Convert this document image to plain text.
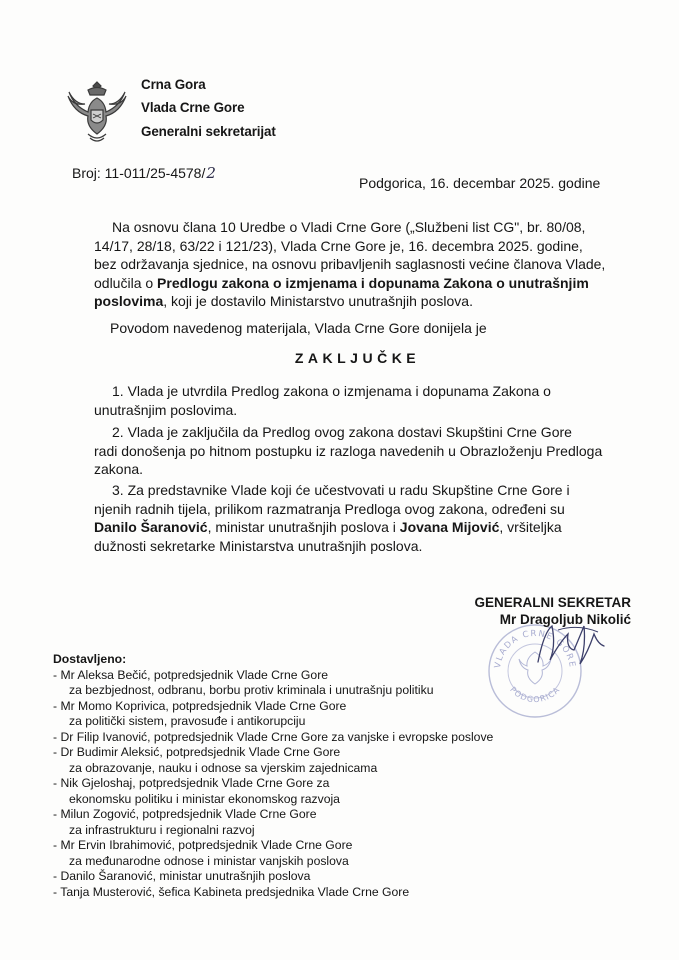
Crna Gora
Vlada Crne Gore
Generalni sekretarijat
Broj: 11-011/25-4578/2
Podgorica, 16. decembar 2025. godine
Na osnovu člana 10 Uredbe o Vladi Crne Gore („Službeni list CG", br. 80/08,
14/17, 28/18, 63/22 i 121/23), Vlada Crne Gore je, 16. decembra 2025. godine,
bez održavanja sjednice, na osnovu pribavljenih saglasnosti većine članova Vlade,
odlučila o Predlogu zakona o izmjenama i dopunama Zakona o unutrašnjim
poslovima, koji je dostavilo Ministarstvo unutrašnjih poslova.
Povodom navedenog materijala, Vlada Crne Gore donijela je
ZAKLJUČKE
1. Vlada je utvrdila Predlog zakona o izmjenama i dopunama Zakona o
unutrašnjim poslovima.
2. Vlada je zaključila da Predlog ovog zakona dostavi Skupštini Crne Gore
radi donošenja po hitnom postupku iz razloga navedenih u Obrazloženju Predloga
zakona.
3. Za predstavnike Vlade koji će učestvovati u radu Skupštine Crne Gore i
njenih radnih tijela, prilikom razmatranja Predloga ovog zakona, određeni su
Danilo Šaranović, ministar unutrašnjih poslova i Jovana Mijović, vršiteljka
dužnosti sekretarke Ministarstva unutrašnjih poslova.
VLADA CRNE GORE
PODGORICA
GENERALNI SEKRETAR
Mr Dragoljub Nikolić
Dostavljeno:
- Mr Aleksa Bečić, potpredsjednik Vlade Crne Gore
za bezbjednost, odbranu, borbu protiv kriminala i unutrašnju politiku
- Mr Momo Koprivica, potpredsjednik Vlade Crne Gore
za politički sistem, pravosuđe i antikorupciju
- Dr Filip Ivanović, potpredsjednik Vlade Crne Gore za vanjske i evropske poslove
- Dr Budimir Aleksić, potpredsjednik Vlade Crne Gore
za obrazovanje, nauku i odnose sa vjerskim zajednicama
- Nik Gjeloshaj, potpredsjednik Vlade Crne Gore za
ekonomsku politiku i ministar ekonomskog razvoja
- Milun Zogović, potpredsjednik Vlade Crne Gore
za infrastrukturu i regionalni razvoj
- Mr Ervin Ibrahimović, potpredsjednik Vlade Crne Gore
za međunarodne odnose i ministar vanjskih poslova
- Danilo Šaranović, ministar unutrašnjih poslova
- Tanja Musterović, šefica Kabineta predsjednika Vlade Crne Gore
